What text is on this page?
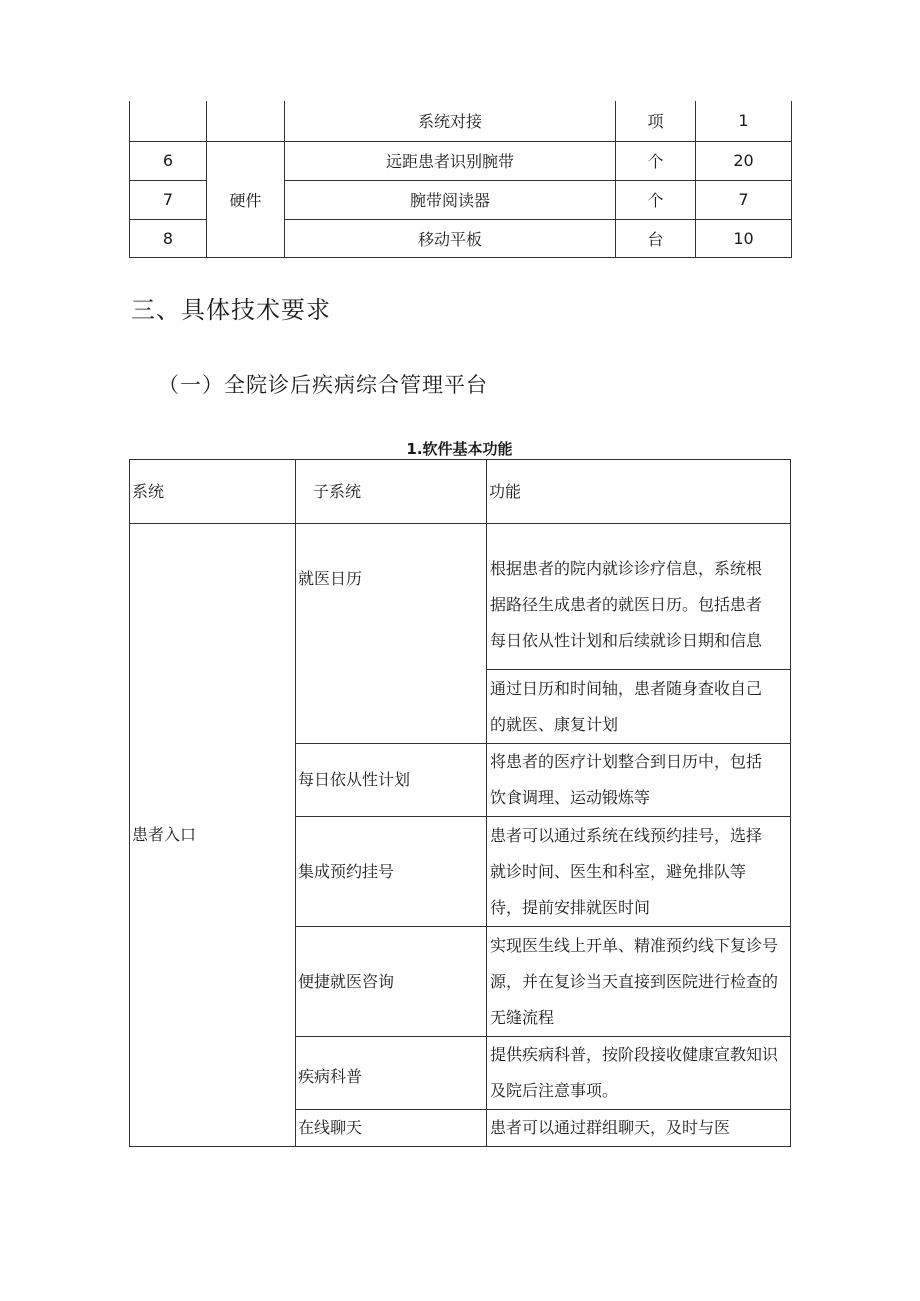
		系统对接	项	1
6	硬件	远距患者识别腕带	个	20
7		腕带阅读器	个	7
8		移动平板	台	10
三、具体技术要求
（一）全院诊后疾病综合管理平台
1.软件基本功能
系统	子系统	功能
患者入口	就医日历	根据患者的院内就诊诊疗信息，系统根
据路径生成患者的就医日历。包括患者
每日依从性计划和后续就诊日期和信息

		通过日历和时间轴，患者随身查收自己
的就医、康复计划

	每日依从性计划	将患者的医疗计划整合到日历中，包括
饮食调理、运动锻炼等

	集成预约挂号	患者可以通过系统在线预约挂号，选择
就诊时间、医生和科室，避免排队等
待，提前安排就医时间

	便捷就医咨询	实现医生线上开单、精准预约线下复诊号
源，并在复诊当天直接到医院进行检查的
无缝流程

	疾病科普	提供疾病科普，按阶段接收健康宣教知识
及院后注意事项。

	在线聊天	患者可以通过群组聊天，及时与医
